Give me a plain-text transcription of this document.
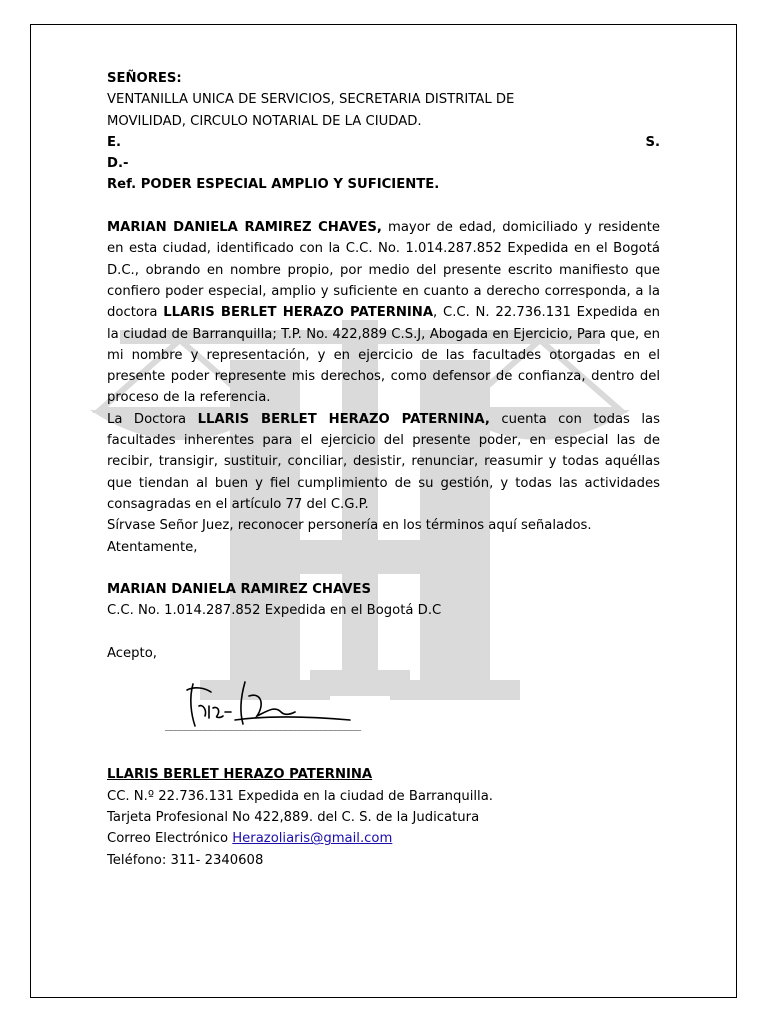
SEÑORES:

VENTANILLA UNICA DE SERVICIOS, SECRETARIA DISTRITAL DE

MOVILIDAD, CIRCULO NOTARIAL DE LA CIUDAD.

E.	S.

D.-

Ref. PODER ESPECIAL AMPLIO Y SUFICIENTE.

MARIAN DANIELA RAMIREZ CHAVES, mayor de edad, domiciliado y residente en esta ciudad, identificado con la C.C. No. 1.014.287.852 Expedida en el Bogotá D.C., obrando en nombre propio, por medio del presente escrito manifiesto que confiero poder especial, amplio y suficiente en cuanto a derecho corresponda, a la doctora LLARIS BERLET HERAZO PATERNINA, C.C. N. 22.736.131 Expedida en la ciudad de Barranquilla; T.P. No. 422,889 C.S.J, Abogada en Ejercicio, Para que, en mi nombre y representación, y en ejercicio de las facultades otorgadas en el presente poder represente mis derechos, como defensor de confianza, dentro del proceso de la referencia.

La Doctora LLARIS BERLET HERAZO PATERNINA, cuenta con todas las facultades inherentes para el ejercicio del presente poder, en especial las de recibir, transigir, sustituir, conciliar, desistir, renunciar, reasumir y todas aquéllas que tiendan al buen y fiel cumplimiento de su gestión, y todas las actividades consagradas en el artículo 77 del C.G.P.

Sírvase Señor Juez, reconocer personería en los términos aquí señalados.

Atentamente,

MARIAN DANIELA RAMIREZ CHAVES

C.C. No. 1.014.287.852 Expedida en el Bogotá D.C

Acepto,

_______________________________________

LLARIS BERLET HERAZO PATERNINA

CC. N.º 22.736.131 Expedida en la ciudad de Barranquilla.

Tarjeta Profesional No 422,889. del C. S. de la Judicatura

Correo Electrónico Herazoliaris@gmail.com

Teléfono: 311- 2340608
